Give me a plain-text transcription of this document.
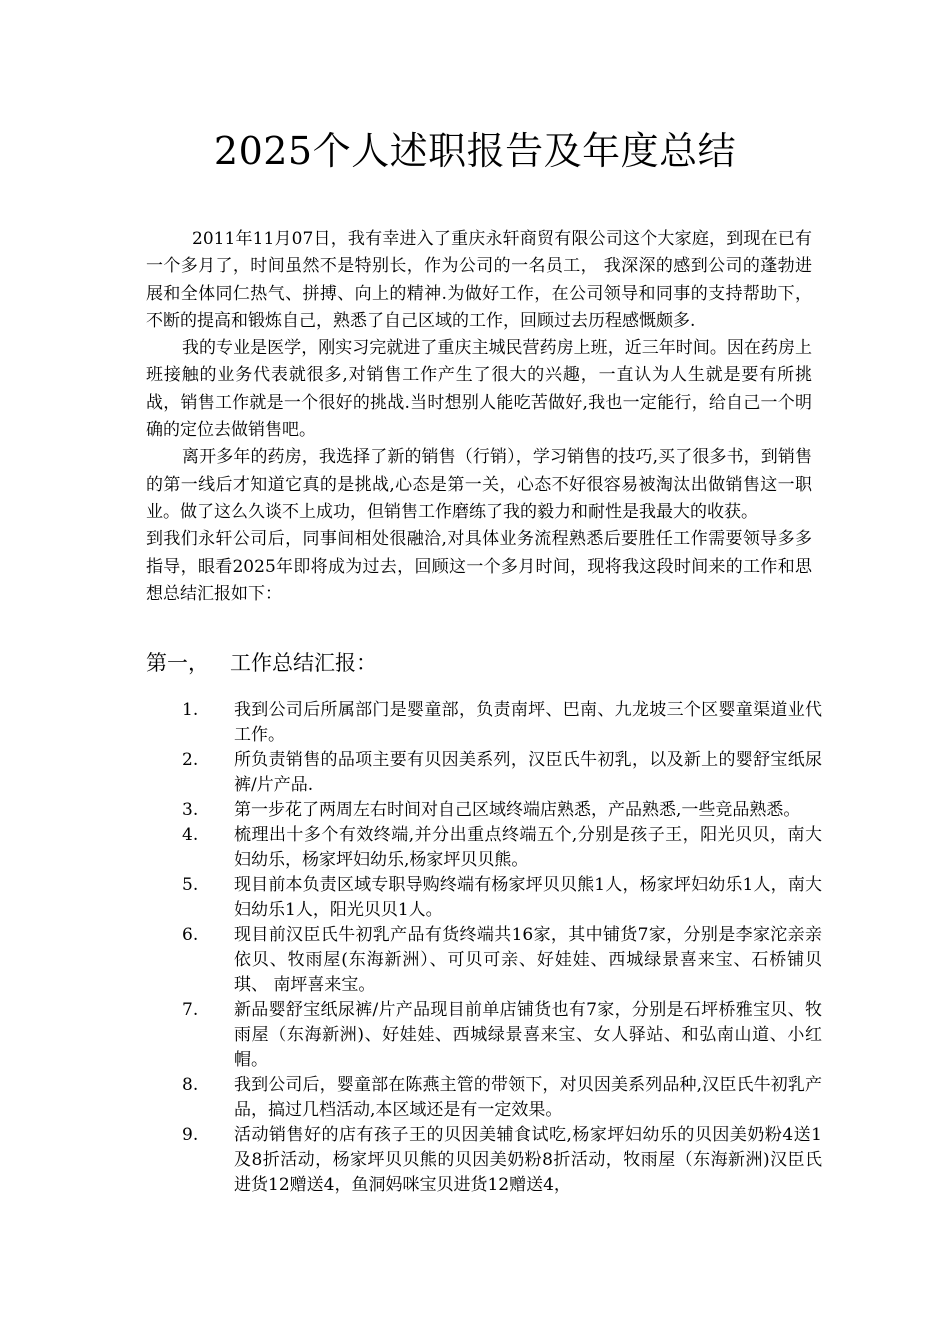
2025个人述职报告及年度总结

2011年11月07日，我有幸进入了重庆永轩商贸有限公司这个大家庭，到现在已有一个多月了，时间虽然不是特别长，作为公司的一名员工， 我深深的感到公司的蓬勃进展和全体同仁热气、拼搏、向上的精神.为做好工作，在公司领导和同事的支持帮助下，不断的提高和锻炼自己，熟悉了自己区域的工作，回顾过去历程感慨颇多.

我的专业是医学，刚实习完就进了重庆主城民营药房上班，近三年时间。因在药房上班接触的业务代表就很多,对销售工作产生了很大的兴趣，一直认为人生就是要有所挑战，销售工作就是一个很好的挑战.当时想别人能吃苦做好,我也一定能行，给自己一个明确的定位去做销售吧。

离开多年的药房，我选择了新的销售（行销），学习销售的技巧,买了很多书，到销售的第一线后才知道它真的是挑战,心态是第一关，心态不好很容易被淘汰出做销售这一职业。做了这么久谈不上成功，但销售工作磨练了我的毅力和耐性是我最大的收获。

到我们永轩公司后，同事间相处很融洽,对具体业务流程熟悉后要胜任工作需要领导多多指导，眼看2025年即将成为过去，回顾这一个多月时间，现将我这段时间来的工作和思想总结汇报如下：

第一， 工作总结汇报：
1. 我到公司后所属部门是婴童部，负责南坪、巴南、九龙坡三个区婴童渠道业代工作。
2. 所负责销售的品项主要有贝因美系列，汉臣氏牛初乳，以及新上的婴舒宝纸尿裤/片产品.
3. 第一步花了两周左右时间对自己区域终端店熟悉，产品熟悉,一些竞品熟悉。
4. 梳理出十多个有效终端,并分出重点终端五个,分别是孩子王，阳光贝贝，南大妇幼乐，杨家坪妇幼乐,杨家坪贝贝熊。
5. 现目前本负责区域专职导购终端有杨家坪贝贝熊1人，杨家坪妇幼乐1人，南大妇幼乐1人，阳光贝贝1人。
6. 现目前汉臣氏牛初乳产品有货终端共16家，其中铺货7家，分别是李家沱亲亲依贝、牧雨屋(东海新洲）、可贝可亲、好娃娃、西城绿景喜来宝、石桥铺贝琪、 南坪喜来宝。
7. 新品婴舒宝纸尿裤/片产品现目前单店铺货也有7家，分别是石坪桥雅宝贝、牧雨屋（东海新洲)、好娃娃、西城绿景喜来宝、女人驿站、和弘南山道、小红帽。
8. 我到公司后，婴童部在陈燕主管的带领下，对贝因美系列品种,汉臣氏牛初乳产品，搞过几档活动,本区域还是有一定效果。
9. 活动销售好的店有孩子王的贝因美辅食试吃,杨家坪妇幼乐的贝因美奶粉4送1及8折活动，杨家坪贝贝熊的贝因美奶粉8折活动，牧雨屋（东海新洲)汉臣氏进货12赠送4，鱼洞妈咪宝贝进货12赠送4，
